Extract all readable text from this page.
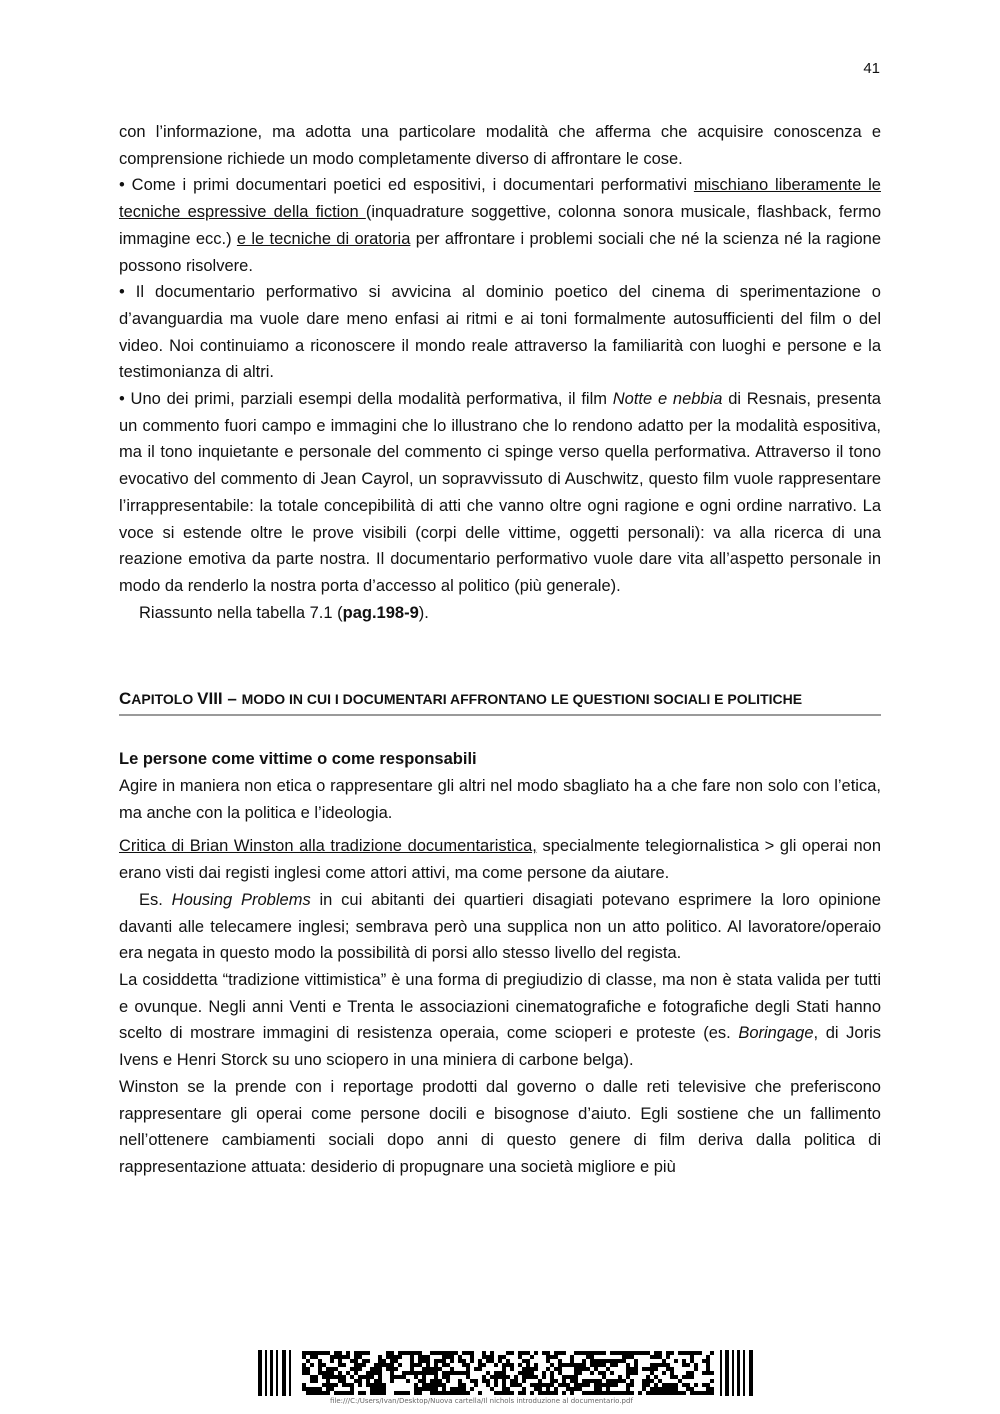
41

con l’informazione, ma adotta una particolare modalità che afferma che acquisire conoscenza e comprensione richiede un modo completamente diverso di affrontare le cose.

• Come i primi documentari poetici ed espositivi, i documentari performativi mischiano liberamente le tecniche espressive della fiction (inquadrature soggettive, colonna sonora musicale, flashback, fermo immagine ecc.) e le tecniche di oratoria per affrontare i problemi sociali che né la scienza né la ragione possono risolvere.

• Il documentario performativo si avvicina al dominio poetico del cinema di sperimentazione o d’avanguardia ma vuole dare meno enfasi ai ritmi e ai toni formalmente autosufficienti del film o del video. Noi continuiamo a riconoscere il mondo reale attraverso la familiarità con luoghi e persone e la testimonianza di altri.

• Uno dei primi, parziali esempi della modalità performativa, il film Notte e nebbia di Resnais, presenta un commento fuori campo e immagini che lo illustrano che lo rendono adatto per la modalità espositiva, ma il tono inquietante e personale del commento ci spinge verso quella performativa. Attraverso il tono evocativo del commento di Jean Cayrol, un sopravvissuto di Auschwitz, questo film vuole rappresentare l’irrappresentabile: la totale concepibilità di atti che vanno oltre ogni ragione e ogni ordine narrativo. La voce si estende oltre le prove visibili (corpi delle vittime, oggetti personali): va alla ricerca di una reazione emotiva da parte nostra. Il documentario performativo vuole dare vita all’aspetto personale in modo da renderlo la nostra porta d’accesso al politico (più generale).

Riassunto nella tabella 7.1 (pag.198-9).

CAPITOLO VIII – MODO IN CUI I DOCUMENTARI AFFRONTANO LE QUESTIONI SOCIALI E POLITICHE

Le persone come vittime o come responsabili

Agire in maniera non etica o rappresentare gli altri nel modo sbagliato ha a che fare non solo con l’etica, ma anche con la politica e l’ideologia.

Critica di Brian Winston alla tradizione documentaristica, specialmente telegiornalistica > gli operai non erano visti dai registi inglesi come attori attivi, ma come persone da aiutare.

Es. Housing Problems in cui abitanti dei quartieri disagiati potevano esprimere la loro opinione davanti alle telecamere inglesi; sembrava però una supplica non un atto politico. Al lavoratore/operaio era negata in questo modo la possibilità di porsi allo stesso livello del regista.

La cosiddetta “tradizione vittimistica” è una forma di pregiudizio di classe, ma non è stata valida per tutti e ovunque. Negli anni Venti e Trenta le associazioni cinematografiche e fotografiche degli Stati hanno scelto di mostrare immagini di resistenza operaia, come scioperi e proteste (es. Boringage, di Joris Ivens e Henri Storck su uno sciopero in una miniera di carbone belga).

Winston se la prende con i reportage prodotti dal governo o dalle reti televisive che preferiscono rappresentare gli operai come persone docili e bisognose d’aiuto. Egli sostiene che un fallimento nell’ottenere cambiamenti sociali dopo anni di questo genere di film deriva dalla politica di rappresentazione attuata: desiderio di propugnare una società migliore e più

file:///C:/Users/Ivan/Desktop/Nuova cartella/Il nichols introduzione al documentario.pdf
